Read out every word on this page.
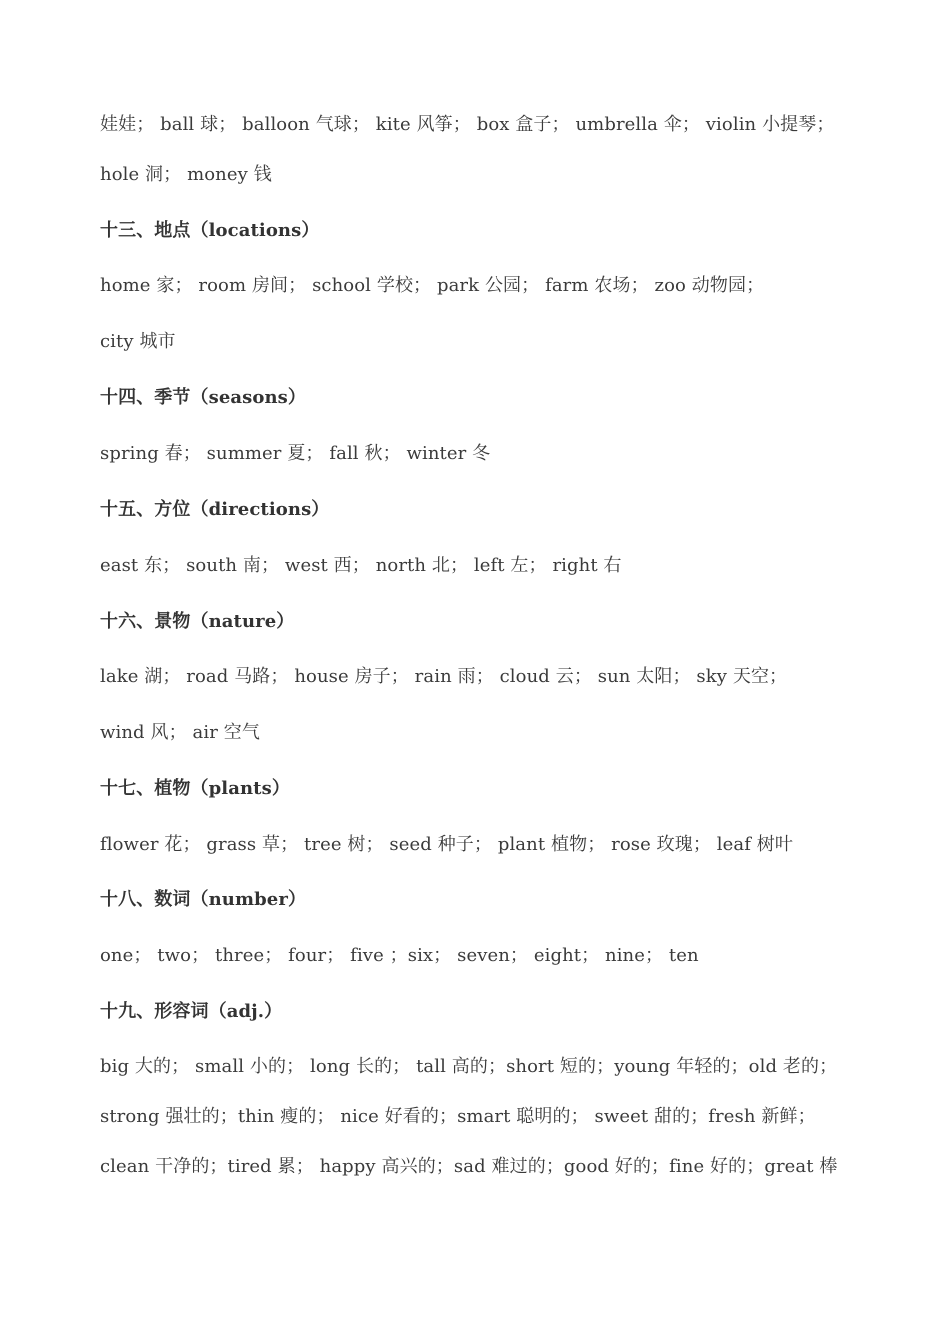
娃娃； ball 球； balloon 气球； kite 风筝； box 盒子； umbrella 伞； violin 小提琴；
hole 洞； money 钱
十三、地点（locations）
home 家； room 房间； school 学校； park 公园； farm 农场； zoo 动物园；
city 城市
十四、季节（seasons）
spring 春； summer 夏； fall 秋； winter 冬
十五、方位（directions）
east 东； south 南； west 西； north 北； left 左； right 右
十六、景物（nature）
lake 湖； road 马路； house 房子； rain 雨； cloud 云； sun 太阳； sky 天空；
wind 风； air 空气
十七、植物（plants）
flower 花； grass 草； tree 树； seed 种子； plant 植物； rose 玫瑰； leaf 树叶
十八、数词（number）
one； two； three； four； five ；six； seven； eight； nine； ten
十九、形容词（adj.）
big 大的； small 小的； long 长的； tall 高的；short 短的；young 年轻的；old 老的；
strong 强壮的；thin 瘦的； nice 好看的；smart 聪明的； sweet 甜的；fresh 新鲜；
clean 干净的；tired 累； happy 高兴的；sad 难过的；good 好的；fine 好的；great 棒
